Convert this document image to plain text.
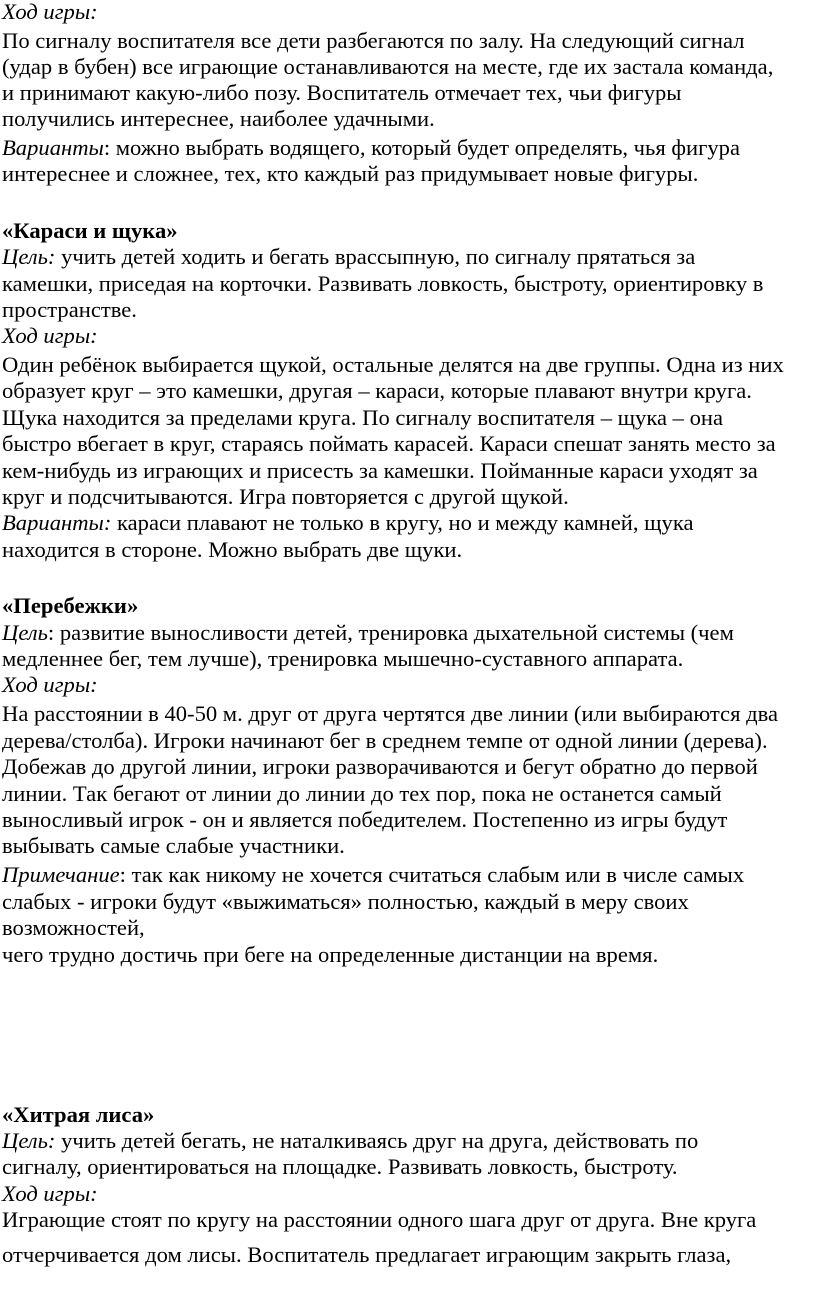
Ход игры:
По сигналу воспитателя все дети разбегаются по залу. На следующий сигнал
(удар в бубен) все играющие останавливаются на месте, где их застала команда,
и принимают какую-либо позу. Воспитатель отмечает тех, чьи фигуры
получились интереснее, наиболее удачными.
Варианты: можно выбрать водящего, который будет определять, чья фигура
интереснее и сложнее, тех, кто каждый раз придумывает новые фигуры.
«Караси и щука»
Цель: учить детей ходить и бегать врассыпную, по сигналу прятаться за
камешки, приседая на корточки. Развивать ловкость, быстроту, ориентировку в
пространстве.
Ход игры:
Один ребёнок выбирается щукой, остальные делятся на две группы. Одна из них
образует круг – это камешки, другая – караси, которые плавают внутри круга.
Щука находится за пределами круга. По сигналу воспитателя – щука – она
быстро вбегает в круг, стараясь поймать карасей. Караси спешат занять место за
кем-нибудь из играющих и присесть за камешки. Пойманные караси уходят за
круг и подсчитываются. Игра повторяется с другой щукой.
Варианты: караси плавают не только в кругу, но и между камней, щука
находится в стороне. Можно выбрать две щуки.
«Перебежки»
Цель: развитие выносливости детей, тренировка дыхательной системы (чем
медленнее бег, тем лучше), тренировка мышечно-суставного аппарата.
Ход игры:
На расстоянии в 40-50 м. друг от друга чертятся две линии (или выбираются два
дерева/столба). Игроки начинают бег в среднем темпе от одной линии (дерева).
Добежав до другой линии, игроки разворачиваются и бегут обратно до первой
линии. Так бегают от линии до линии до тех пор, пока не останется самый
выносливый игрок - он и является победителем. Постепенно из игры будут
выбывать самые слабые участники.
Примечание: так как никому не хочется считаться слабым или в числе самых
слабых - игроки будут «выжиматься» полностью, каждый в меру своих
возможностей,
чего трудно достичь при беге на определенные дистанции на время.
«Хитрая лиса»
Цель: учить детей бегать, не наталкиваясь друг на друга, действовать по
сигналу, ориентироваться на площадке. Развивать ловкость, быстроту.
Ход игры:
Играющие стоят по кругу на расстоянии одного шага друг от друга. Вне круга
отчерчивается дом лисы. Воспитатель предлагает играющим закрыть глаза,
